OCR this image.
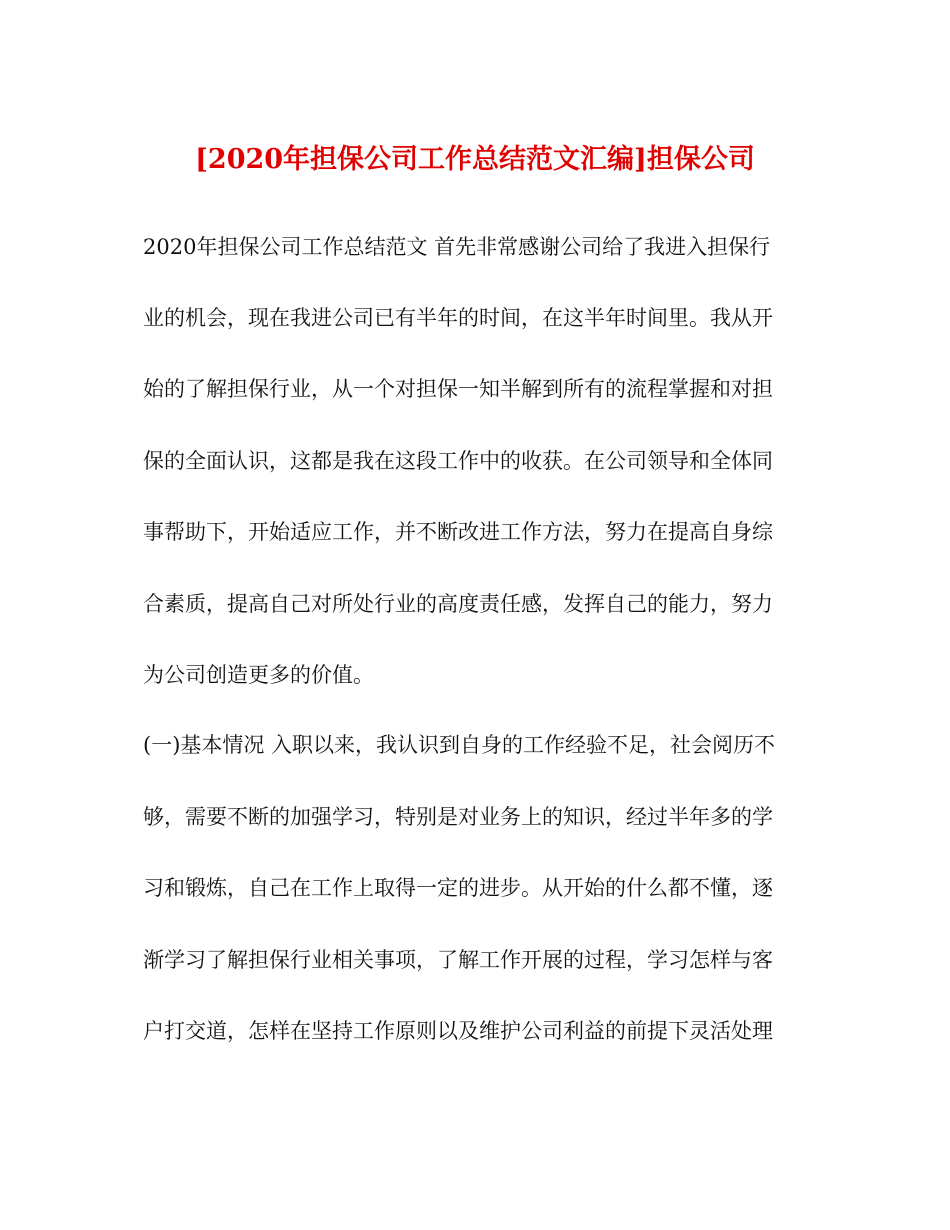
[2020年担保公司工作总结范文汇编]担保公司
2020年担保公司工作总结范文 首先非常感谢公司给了我进入担保行
业的机会，现在我进公司已有半年的时间，在这半年时间里。我从开
始的了解担保行业，从一个对担保一知半解到所有的流程掌握和对担
保的全面认识，这都是我在这段工作中的收获。在公司领导和全体同
事帮助下，开始适应工作，并不断改进工作方法，努力在提高自身综
合素质，提高自己对所处行业的高度责任感，发挥自己的能力，努力
为公司创造更多的价值。
(一)基本情况 入职以来，我认识到自身的工作经验不足，社会阅历不
够，需要不断的加强学习，特别是对业务上的知识，经过半年多的学
习和锻炼，自己在工作上取得一定的进步。从开始的什么都不懂，逐
渐学习了解担保行业相关事项，了解工作开展的过程，学习怎样与客
户打交道，怎样在坚持工作原则以及维护公司利益的前提下灵活处理
